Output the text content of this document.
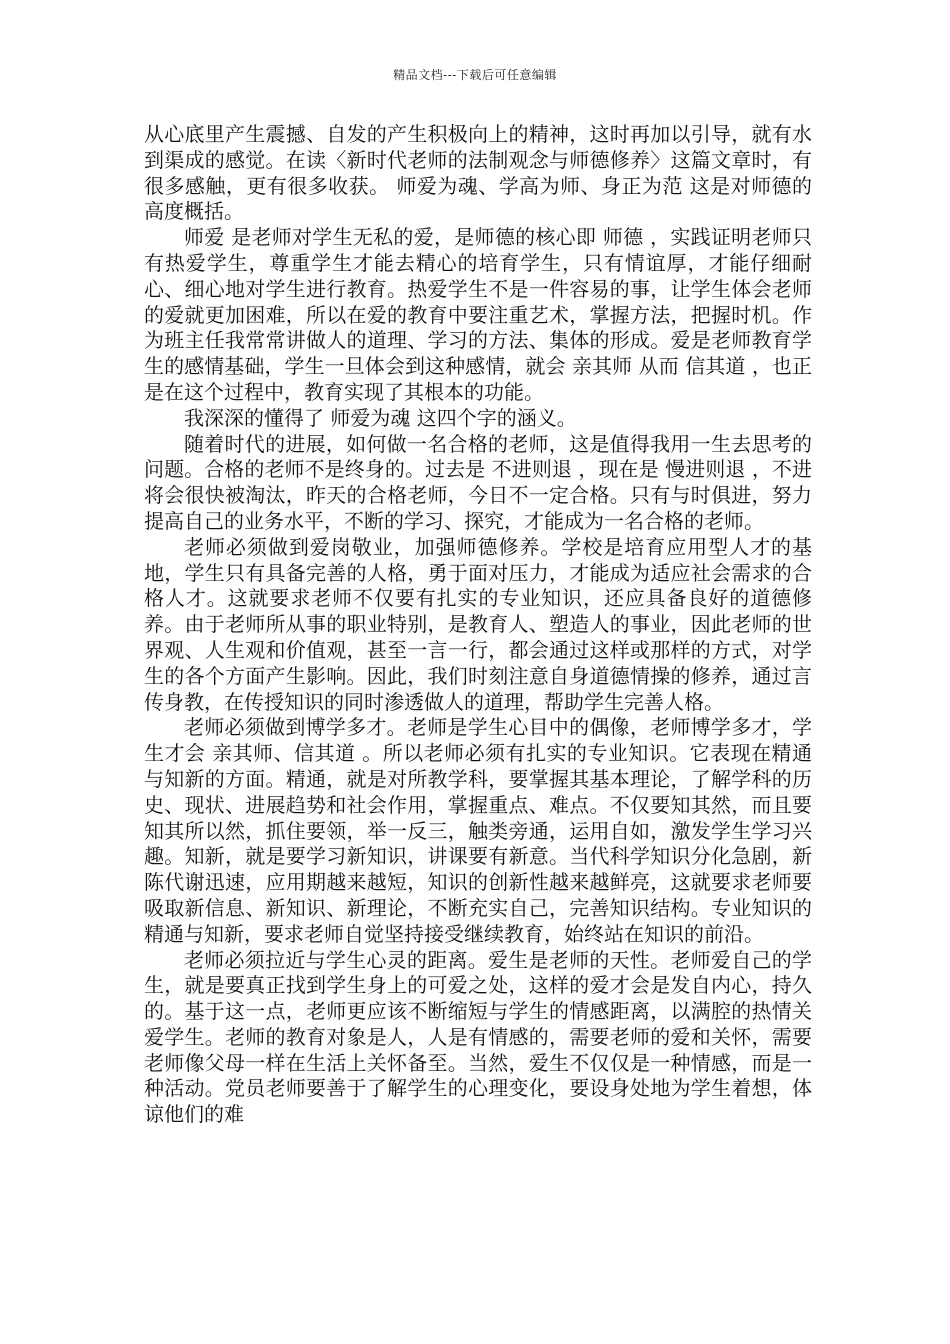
精品文档---下载后可任意编辑

从心底里产生震撼、自发的产生积极向上的精神，这时再加以引导，就有水到渠成的感觉。在读〈新时代老师的法制观念与师德修养〉这篇文章时，有很多感触，更有很多收获。 师爱为魂、学高为师、身正为范 这是对师德的高度概括。

师爱 是老师对学生无私的爱，是师德的核心即 师德 ，实践证明老师只有热爱学生，尊重学生才能去精心的培育学生，只有情谊厚，才能仔细耐心、细心地对学生进行教育。热爱学生不是一件容易的事，让学生体会老师的爱就更加困难，所以在爱的教育中要注重艺术，掌握方法，把握时机。作为班主任我常常讲做人的道理、学习的方法、集体的形成。爱是老师教育学生的感情基础，学生一旦体会到这种感情，就会 亲其师 从而 信其道 ，也正是在这个过程中，教育实现了其根本的功能。

我深深的懂得了 师爱为魂 这四个字的涵义。

随着时代的进展，如何做一名合格的老师，这是值得我用一生去思考的问题。合格的老师不是终身的。过去是 不进则退 ，现在是 慢进则退 ，不进将会很快被淘汰，昨天的合格老师，今日不一定合格。只有与时俱进，努力提高自己的业务水平，不断的学习、探究，才能成为一名合格的老师。

老师必须做到爱岗敬业，加强师德修养。学校是培育应用型人才的基地，学生只有具备完善的人格，勇于面对压力，才能成为适应社会需求的合格人才。这就要求老师不仅要有扎实的专业知识，还应具备良好的道德修养。由于老师所从事的职业特别，是教育人、塑造人的事业，因此老师的世界观、人生观和价值观，甚至一言一行，都会通过这样或那样的方式，对学生的各个方面产生影响。因此，我们时刻注意自身道德情操的修养，通过言传身教，在传授知识的同时渗透做人的道理，帮助学生完善人格。

老师必须做到博学多才。老师是学生心目中的偶像，老师博学多才，学生才会 亲其师、信其道 。所以老师必须有扎实的专业知识。它表现在精通与知新的方面。精通，就是对所教学科，要掌握其基本理论，了解学科的历史、现状、进展趋势和社会作用，掌握重点、难点。不仅要知其然，而且要知其所以然，抓住要领，举一反三，触类旁通，运用自如，激发学生学习兴趣。知新，就是要学习新知识，讲课要有新意。当代科学知识分化急剧，新陈代谢迅速，应用期越来越短，知识的创新性越来越鲜亮，这就要求老师要吸取新信息、新知识、新理论，不断充实自己，完善知识结构。专业知识的精通与知新，要求老师自觉坚持接受继续教育，始终站在知识的前沿。

老师必须拉近与学生心灵的距离。爱生是老师的天性。老师爱自己的学生，就是要真正找到学生身上的可爱之处，这样的爱才会是发自内心，持久的。基于这一点，老师更应该不断缩短与学生的情感距离，以满腔的热情关爱学生。老师的教育对象是人，人是有情感的，需要老师的爱和关怀，需要老师像父母一样在生活上关怀备至。当然，爱生不仅仅是一种情感，而是一种活动。党员老师要善于了解学生的心理变化，要设身处地为学生着想，体谅他们的难
